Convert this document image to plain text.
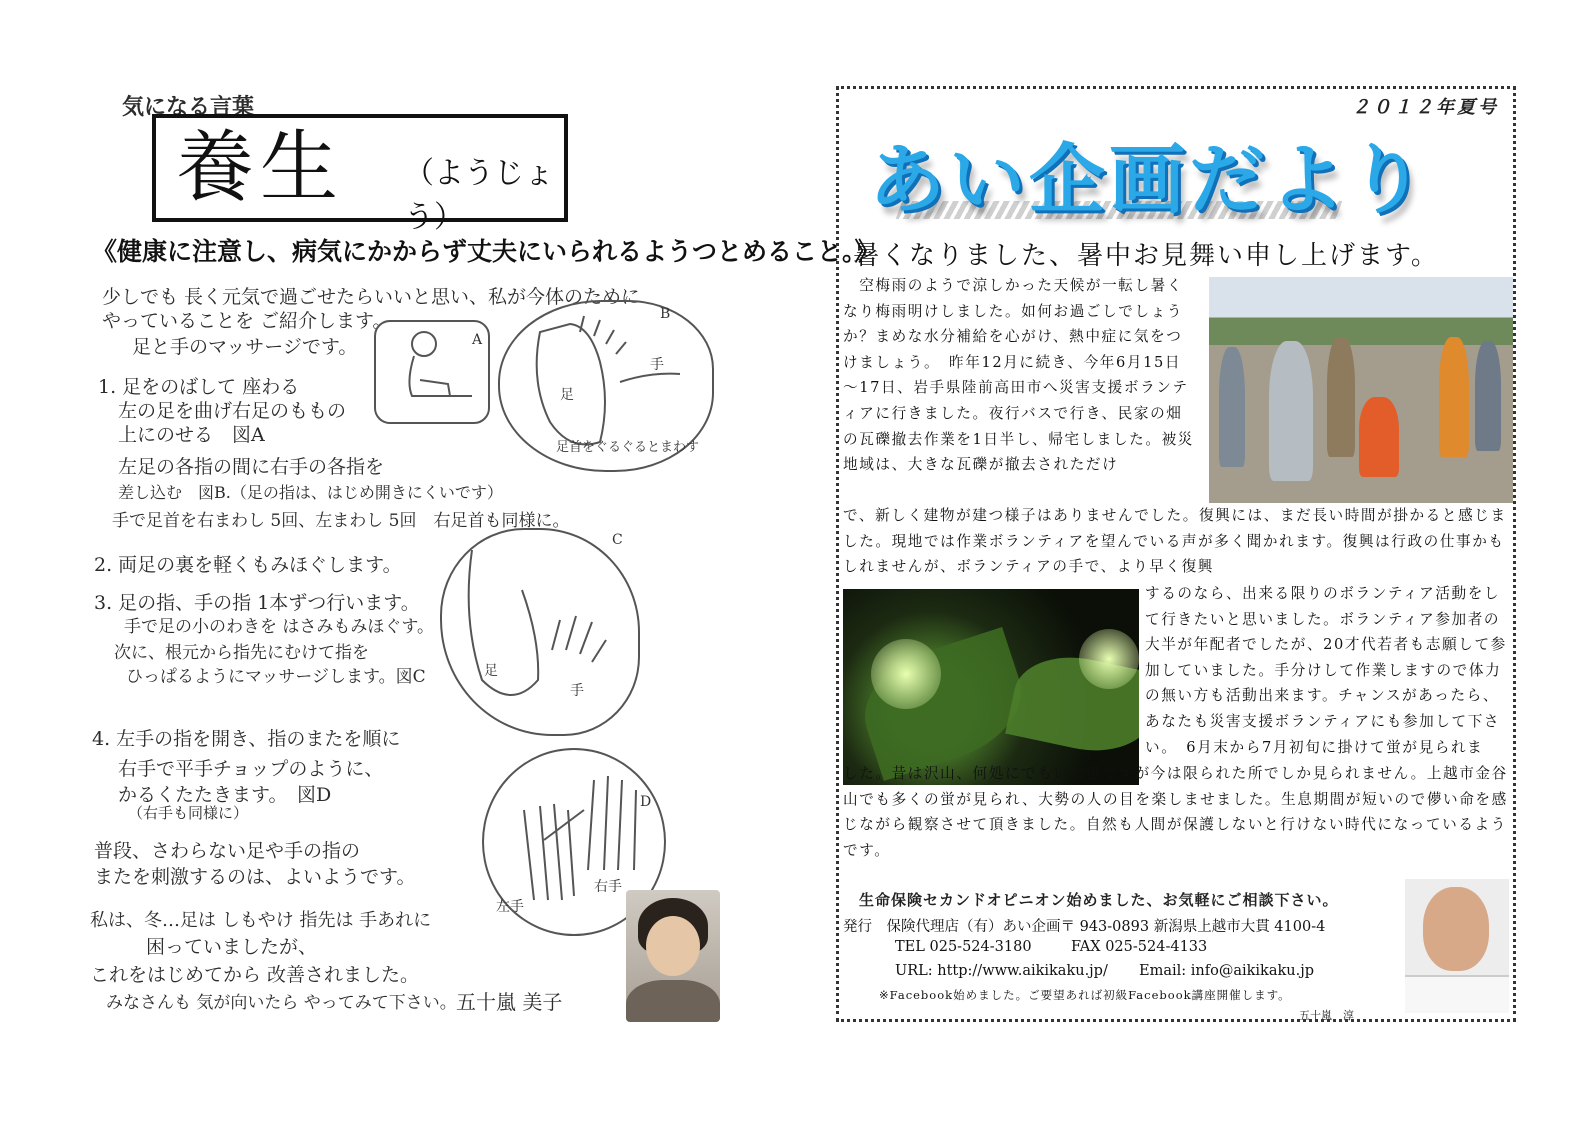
気になる言葉
養生 （ようじょう）
《健康に注意し、病気にかからず丈夫にいられるようつとめること。》
少しでも 長く元気で過ごせたらいいと思い、私が今体のために
やっていることを ご紹介します。
足と手のマッサージです。
1. 足をのばして 座わる
左の足を曲げ右足のももの
上にのせる　図A
左足の各指の間に右手の各指を
差し込む　図B.（足の指は、はじめ開きにくいです）
手で足首を右まわし 5回、左まわし 5回　右足首も同様に。
2. 両足の裏を軽くもみほぐします。
3. 足の指、手の指 1本ずつ行います。
手で足の小のわきを はさみもみほぐす。
次に、根元から指先にむけて指を
ひっぱるようにマッサージします。図C
4. 左手の指を開き、指のまたを順に
右手で平手チョップのように、
かるくたたきます。　図D
（右手も同様に）
普段、さわらない足や手の指の
またを刺激するのは、よいようです。
私は、冬…足は しもやけ 指先は 手あれに
困っていましたが、
これをはじめてから 改善されました。
みなさんも 気が向いたら やってみて下さい。 五十嵐 美子
A
B
足
手
足首をぐるぐるとまわす
C
足
手
D
左手
右手
２０１２年夏号
あい企画だより
暑くなりました、暑中お見舞い申し上げます。
　空梅雨のようで涼しかった天候が一転し暑くなり梅雨明けしました。如何お過ごしでしょうか？まめな水分補給を心がけ、熱中症に気をつけましょう。　昨年12月に続き、今年6月15日～17日、岩手県陸前高田市へ災害支援ボランティアに行きました。夜行バスで行き、民家の畑の瓦礫撤去作業を1日半し、帰宅しました。被災地域は、大きな瓦礫が撤去されただけ
で、新しく建物が建つ様子はありませんでした。復興には、まだ長い時間が掛かると感じました。現地では作業ボランティアを望んでいる声が多く聞かれます。復興は行政の仕事かもしれませんが、ボランティアの手で、より早く復興
するのなら、出来る限りのボランティア活動をして行きたいと思いました。ボランティア参加者の大半が年配者でしたが、20才代若者も志願して参加していました。手分けして作業しますので体力の無い方も活動出来ます。チャンスがあったら、あなたも災害支援ボランティアにも参加して下さい。　6月末から7月初旬に掛けて蛍が見られま
した。昔は沢山、何処にでもいた蛍ですが今は限られた所でしか見られません。上越市金谷山でも多くの蛍が見られ、大勢の人の目を楽しませました。生息期間が短いので儚い命を感じながら観察させて頂きました。自然も人間が保護しないと行けない時代になっているようです。
生命保険セカンドオピニオン始めました、お気軽にご相談下さい。
発行　保険代理店（有）あい企画〒 943-0893 新潟県上越市大貫 4100-4
TEL 025-524-3180	FAX 025-524-4133
URL: http://www.aikikaku.jp/ Email: info@aikikaku.jp
※Facebook始めました。ご要望あれば初級Facebook講座開催します。
五十嵐　淳
